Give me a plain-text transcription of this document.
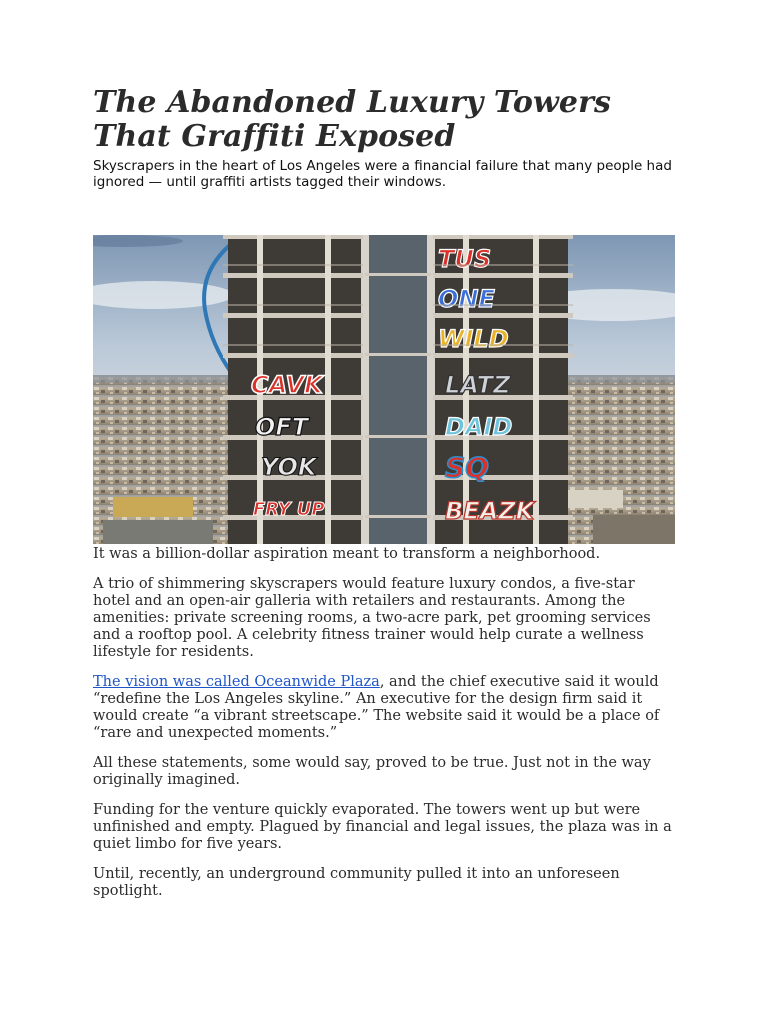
The Abandoned Luxury Towers
That Graffiti Exposed

Skyscrapers in the heart of Los Angeles were a financial failure that many people had ignored — until graffiti artists tagged their windows.

CAVK
OFT
YOK
FRY UP
TUS
ONE
WILD
LATZ
DAID
SQ
BEAZK

It was a billion-dollar aspiration meant to transform a neighborhood.

A trio of shimmering skyscrapers would feature luxury condos, a five-star hotel and an open-air galleria with retailers and restaurants. Among the amenities: private screening rooms, a two-acre park, pet grooming services and a rooftop pool. A celebrity fitness trainer would help curate a wellness lifestyle for residents.

The vision was called Oceanwide Plaza, and the chief executive said it would “redefine the Los Angeles skyline.” An executive for the design firm said it would create “a vibrant streetscape.” The website said it would be a place of “rare and unexpected moments.”

All these statements, some would say, proved to be true. Just not in the way originally imagined.

Funding for the venture quickly evaporated. The towers went up but were unfinished and empty. Plagued by financial and legal issues, the plaza was in a quiet limbo for five years.

Until, recently, an underground community pulled it into an unforeseen spotlight.
